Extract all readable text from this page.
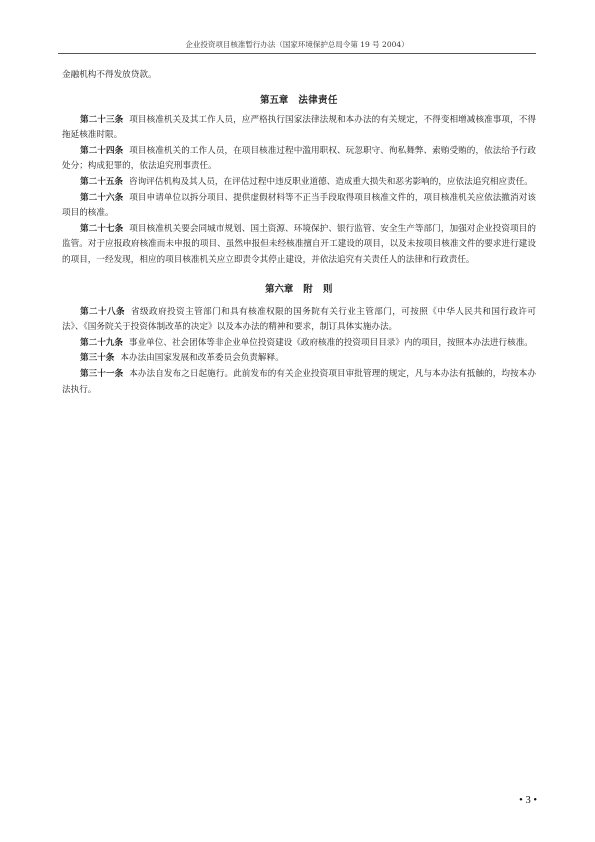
企业投资项目核准暂行办法（国家环境保护总局令第 19 号 2004）

金融机构不得发放贷款。

第五章 法律责任

第二十三条 项目核准机关及其工作人员，应严格执行国家法律法规和本办法的有关规定，不得变相增减核准事项，不得拖延核准时限。

第二十四条 项目核准机关的工作人员，在项目核准过程中滥用职权、玩忽职守、徇私舞弊、索贿受贿的，依法给予行政处分；构成犯罪的，依法追究刑事责任。

第二十五条 咨询评估机构及其人员，在评估过程中违反职业道德、造成重大损失和恶劣影响的，应依法追究相应责任。

第二十六条 项目申请单位以拆分项目、提供虚假材料等不正当手段取得项目核准文件的，项目核准机关应依法撤消对该项目的核准。

第二十七条 项目核准机关要会同城市规划、国土资源、环境保护、银行监管、安全生产等部门，加强对企业投资项目的监管。对于应报政府核准而未申报的项目、虽然申报但未经核准擅自开工建设的项目，以及未按项目核准文件的要求进行建设的项目，一经发现，相应的项目核准机关应立即责令其停止建设，并依法追究有关责任人的法律和行政责任。

第六章 附　则

第二十八条 省级政府投资主管部门和具有核准权限的国务院有关行业主管部门，可按照《中华人民共和国行政许可法》、《国务院关于投资体制改革的决定》以及本办法的精神和要求，制订具体实施办法。

第二十九条 事业单位、社会团体等非企业单位投资建设《政府核准的投资项目目录》内的项目，按照本办法进行核准。

第三十条 本办法由国家发展和改革委员会负责解释。

第三十一条 本办法自发布之日起施行。此前发布的有关企业投资项目审批管理的规定，凡与本办法有抵触的，均按本办法执行。

• 3 •
